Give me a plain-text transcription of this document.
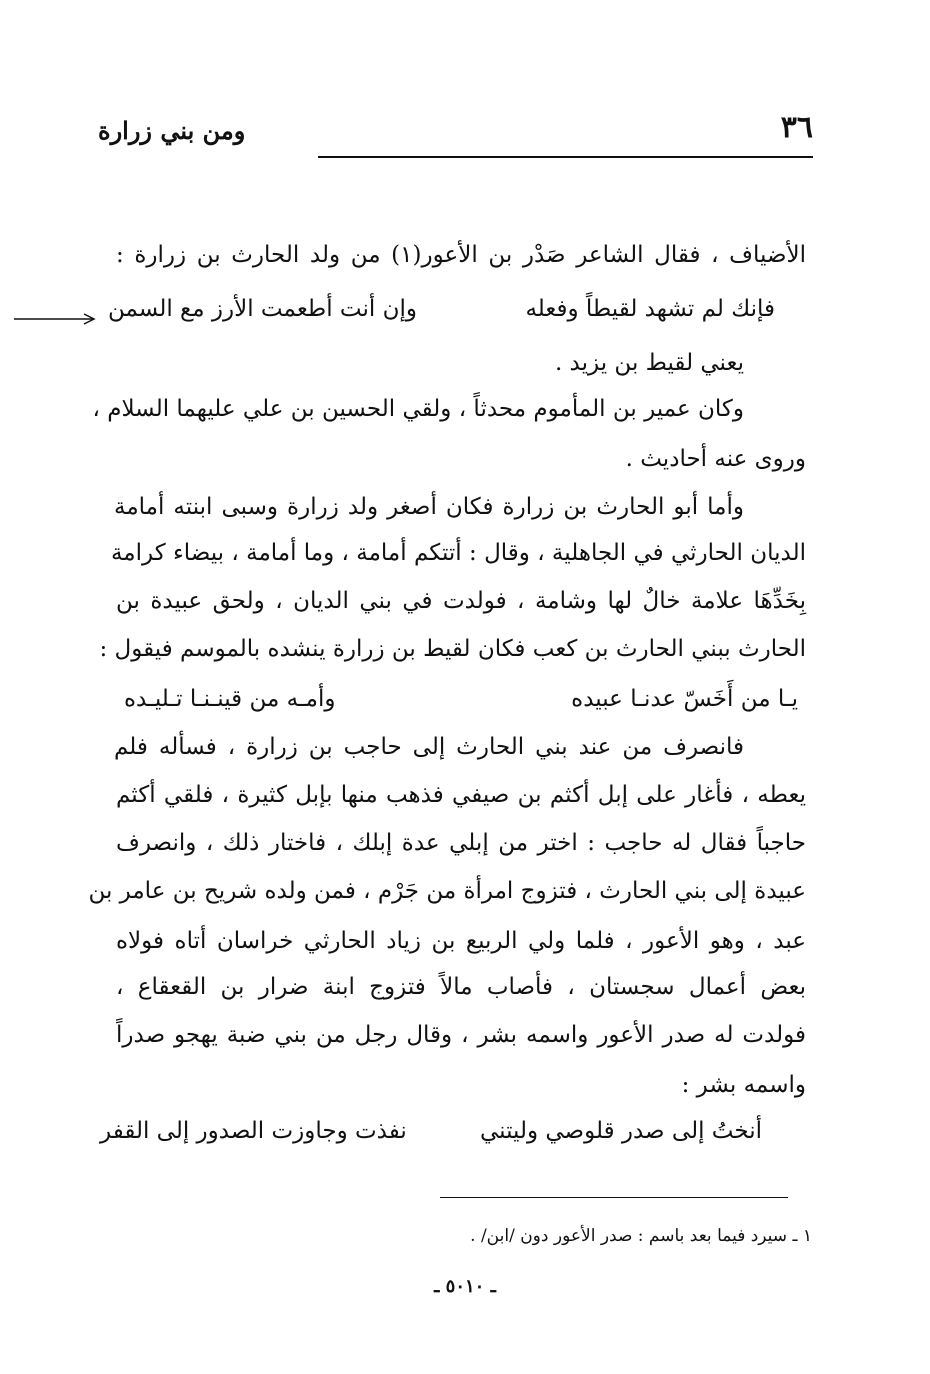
٣٦
ومن بني زرارة
الأضياف ، فقال الشاعر صَدْر بن الأعور(١) من ولد الحارث بن زرارة :
فإنك لم تشهد لقيطاً وفعله
وإن أنت أطعمت الأرز مع السمن
يعني لقيط بن يزيد .
وكان عمير بن المأموم محدثاً ، ولقي الحسين بن علي عليهما السلام ،
وروى عنه أحاديث .
وأما أبو الحارث بن زرارة فكان أصغر ولد زرارة وسبى ابنته أمامة
الديان الحارثي في الجاهلية ، وقال : أتتكم أمامة ، وما أمامة ، بيضاء كرامة
بِخَدِّهَا علامة خالٌ لها وشامة ، فولدت في بني الديان ، ولحق عبيدة بن
الحارث ببني الحارث بن كعب فكان لقيط بن زرارة ينشده بالموسم فيقول :
يـا من أَخَسّ عدنـا عبيده
وأمـه من قينـنـا تـليـده
فانصرف من عند بني الحارث إلى حاجب بن زرارة ، فسأله فلم
يعطه ، فأغار على إبل أكثم بن صيفي فذهب منها بإبل كثيرة ، فلقي أكثم
حاجباً فقال له حاجب : اختر من إبلي عدة إبلك ، فاختار ذلك ، وانصرف
عبيدة إلى بني الحارث ، فتزوج امرأة من جَرْم ، فمن ولده شريح بن عامر بن
عبد ، وهو الأعور ، فلما ولي الربيع بن زياد الحارثي خراسان أتاه فولاه
بعض أعمال سجستان ، فأصاب مالاً فتزوج ابنة ضرار بن القعقاع ،
فولدت له صدر الأعور واسمه بشر ، وقال رجل من بني ضبة يهجو صدراً
واسمه بشر :
أنختُ إلى صدر قلوصي وليتني
نفذت وجاوزت الصدور إلى القفر
١ ـ سيرد فيما بعد باسم : صدر الأعور دون /ابن/ .
ـ ٥٠١٠ ـ
